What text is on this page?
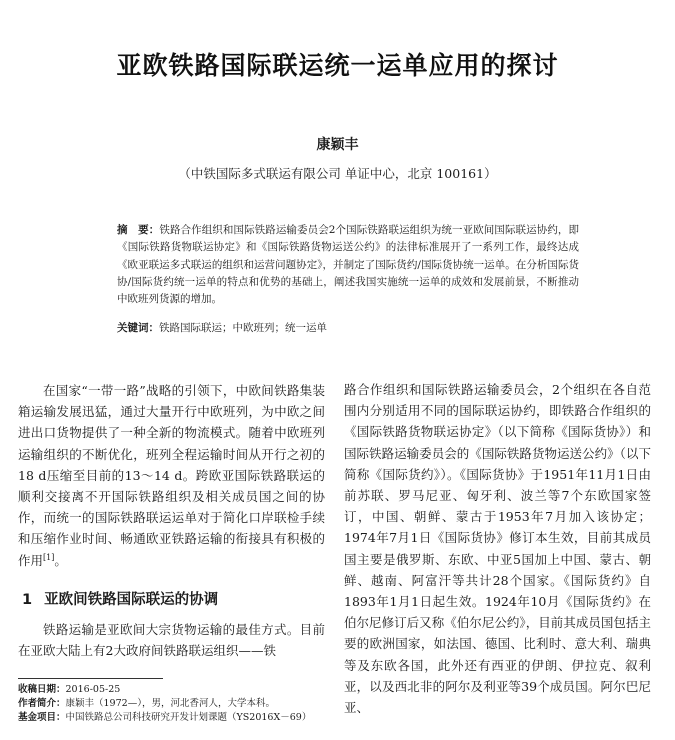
亚欧铁路国际联运统一运单应用的探讨
康颖丰
（中铁国际多式联运有限公司 单证中心，北京 100161）
摘　要：铁路合作组织和国际铁路运输委员会2个国际铁路联运组织为统一亚欧间国际联运协约，即《国际铁路货物联运协定》和《国际铁路货物运送公约》的法律标准展开了一系列工作，最终达成《欧亚联运多式联运的组织和运营问题协定》，并制定了国际货约/国际货协统一运单。在分析国际货协/国际货约统一运单的特点和优势的基础上，阐述我国实施统一运单的成效和发展前景，不断推动中欧班列货源的增加。
关键词：铁路国际联运；中欧班列；统一运单

在国家“一带一路”战略的引领下，中欧间铁路集装箱运输发展迅猛，通过大量开行中欧班列，为中欧之间进出口货物提供了一种全新的物流模式。随着中欧班列运输组织的不断优化，班列全程运输时间从开行之初的18 d压缩至目前的13～14 d。跨欧亚国际铁路联运的顺利交接离不开国际铁路组织及相关成员国之间的协作，而统一的国际铁路联运运单对于简化口岸联检手续和压缩作业时间、畅通欧亚铁路运输的衔接具有积极的作用[1]。

1 亚欧间铁路国际联运的协调

铁路运输是亚欧间大宗货物运输的最佳方式。目前在亚欧大陆上有2大政府间铁路联运组织——铁

路合作组织和国际铁路运输委员会，2个组织在各自范围内分别适用不同的国际联运协约，即铁路合作组织的《国际铁路货物联运协定》（以下简称《国际货协》）和国际铁路运输委员会的《国际铁路货物运送公约》（以下简称《国际货约》）。《国际货协》于1951年11月1日由前苏联、罗马尼亚、匈牙利、波兰等7个东欧国家签订，中国、朝鲜、蒙古于1953年7月加入该协定；1974年7月1日《国际货协》修订本生效，目前其成员国主要是俄罗斯、东欧、中亚5国加上中国、蒙古、朝鲜、越南、阿富汗等共计28个国家。《国际货约》自1893年1月1日起生效。1924年10月《国际货约》在伯尔尼修订后又称《伯尔尼公约》，目前其成员国包括主要的欧洲国家，如法国、德国、比利时、意大利、瑞典等及东欧各国，此外还有西亚的伊朗、伊拉克、叙利亚，以及西北非的阿尔及利亚等39个成员国。阿尔巴尼亚、

收稿日期：2016-05-25
作者简介：康颖丰（1972—），男，河北香河人，大学本科。
基金项目：中国铁路总公司科技研究开发计划课题（YS2016X－69）
